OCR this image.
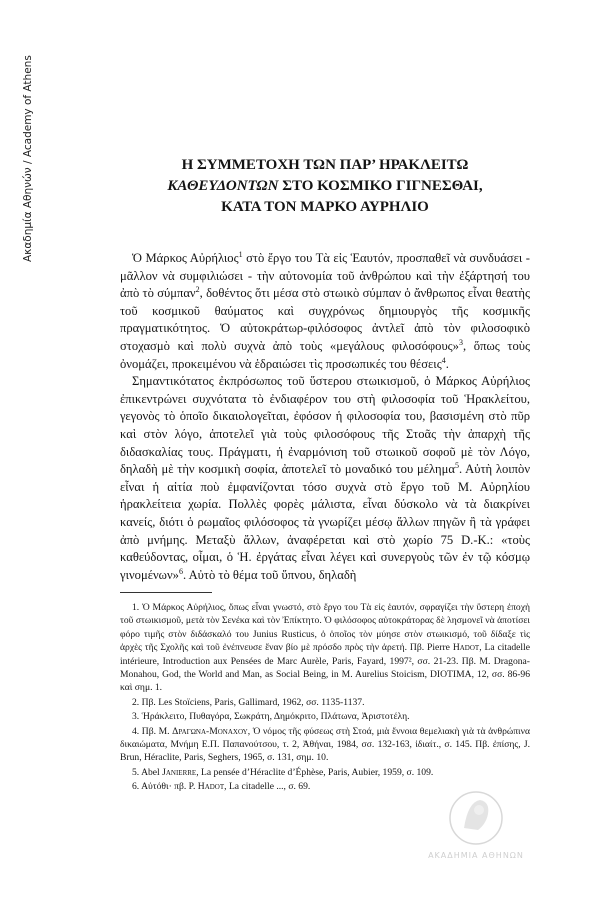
Ακαδημία Αθηνών / Academy of Athens	Η ΣΥΜΜΕΤΟΧΗ ΤΩΝ ΠΑΡ’ ΗΡΑΚΛΕΙΤΩ
ΚΑΘΕΥΔΟΝΤΩΝ ΣΤΟ ΚΟΣΜΙΚΟ ΓΙΓΝΕΣΘΑΙ,
ΚΑΤΑ ΤΟΝ ΜΑΡΚΟ ΑΥΡΗΛΙΟ

Ὁ Μάρκος Αὐρήλιος$^1$ στὸ ἔργο του Τὰ εἰς Ἑαυτόν, προσπαθεῖ νὰ συνδυάσει - μᾶλλον νὰ συμφιλιώσει - τὴν αὐτονομία τοῦ ἀνθρώπου καὶ τὴν ἐξάρτησή του ἀπὸ τὸ σύμπαν$^2$, δοθέντος ὅτι μέσα στὸ στωικὸ σύμπαν ὁ ἄνθρωπος εἶναι θεατὴς τοῦ κοσμικοῦ θαύματος καὶ συγχρόνως δημιουργὸς τῆς κοσμικῆς πραγματικότητος. Ὁ αὐτοκράτωρ-φιλόσοφος ἀντλεῖ ἀπὸ τὸν φιλοσοφικὸ στοχασμὸ καὶ πολὺ συχνὰ ἀπὸ τοὺς «μεγάλους φιλοσόφους»$^3$, ὅπως τοὺς ὀνομάζει, προκειμένου νὰ ἑδραιώσει τὶς προσωπικές του θέσεις$^4$.

Σημαντικότατος ἐκπρόσωπος τοῦ ὕστερου στωικισμοῦ, ὁ Μάρκος Αὐρήλιος ἐπικεντρώνει συχνότατα τὸ ἐνδιαφέρον του στὴ φιλοσοφία τοῦ Ἡρακλείτου, γεγονὸς τὸ ὁποῖο δικαιολογεῖται, ἐφόσον ἡ φιλοσοφία του, βασισμένη στὸ πῦρ καὶ στὸν λόγο, ἀποτελεῖ γιὰ τοὺς φιλοσόφους τῆς Στοᾶς τὴν ἀπαρχὴ τῆς διδασκαλίας τους. Πράγματι, ἡ ἐναρμόνιση τοῦ στωικοῦ σοφοῦ μὲ τὸν Λόγο, δηλαδὴ μὲ τὴν κοσμικὴ σοφία, ἀποτελεῖ τὸ μοναδικό του μέλημα$^5$. Αὐτὴ λοιπὸν εἶναι ἡ αἰτία ποὺ ἐμφανίζονται τόσο συχνὰ στὸ ἔργο τοῦ Μ. Αὐρηλίου ἡρακλείτεια χωρία. Πολλὲς φορὲς μάλιστα, εἶναι δύσκολο νὰ τὰ διακρίνει κανείς, διότι ὁ ρωμαῖος φιλόσοφος τὰ γνωρίζει μέσῳ ἄλλων πηγῶν ἢ τὰ γράφει ἀπὸ μνήμης. Μεταξὺ ἄλλων, ἀναφέρεται καὶ στὸ χωρίο 75 D.-K.: «τοὺς καθεύδοντας, οἶμαι, ὁ Ἡ. ἐργάτας εἶναι λέγει καὶ συνεργοὺς τῶν ἐν τῷ κόσμῳ γινομένων»$^6$. Αὐτὸ τὸ θέμα τοῦ ὕπνου, δηλαδὴ

1. Ὁ Μάρκος Αὐρήλιος, ὅπως εἶναι γνωστό, στὸ ἔργο του Τὰ εἰς ἑαυτόν, σφραγίζει τὴν ὕστερη ἐποχὴ τοῦ στωικισμοῦ, μετὰ τὸν Σενέκα καὶ τὸν Ἐπίκτητο. Ὁ φιλόσοφος αὐτοκράτορας δὲ λησμονεῖ νὰ ἀποτίσει φόρο τιμῆς στὸν διδάσκαλό του Junius Rusticus, ὁ ὁποῖος τὸν μύησε στὸν στωικισμό, τοῦ δίδαξε τὶς ἀρχὲς τῆς Σχολῆς καὶ τοῦ ἐνέπνευσε ἕναν βίο μὲ πρόσδο πρὸς τὴν ἀρετή. Πβ. Pierre Hadot, La citadelle intérieure, Introduction aux Pensées de Marc Aurèle, Paris, Fayard, 1997², σσ. 21-23. Πβ. M. Dragona-Monahou, God, the World and Man, as Social Being, in M. Aurelius Stoicism, DIOTIMA, 12, σσ. 86-96 καὶ σημ. 1.

2. Πβ. Les Stoïciens, Paris, Gallimard, 1962, σσ. 1135-1137.

3. Ἡράκλειτο, Πυθαγόρα, Σωκράτη, Δημόκριτο, Πλάτωνα, Ἀριστοτέλη.

4. Πβ. Μ. Δραγωνα-Μοναχου, Ὁ νόμος τῆς φύσεως στὴ Στοά, μιὰ ἔννοια θεμελιακὴ γιὰ τὰ ἀνθρώπινα δικαιώματα, Μνήμη Ε.Π. Παπανούτσου, τ. 2, Ἀθήναι, 1984, σσ. 132-163, ἰδιαίτ., σ. 145. Πβ. ἐπίσης, J. Brun, Héraclite, Paris, Seghers, 1965, σ. 131, σημ. 10.

5. Abel Janierre, La pensée d’Héraclite d’Éphèse, Paris, Aubier, 1959, σ. 109.

6. Αὐτόθι· πβ. P. Hadot, La citadelle ..., σ. 69.

ΑΚΑΔΗΜΙΑ ΑΘΗΝΩΝ
